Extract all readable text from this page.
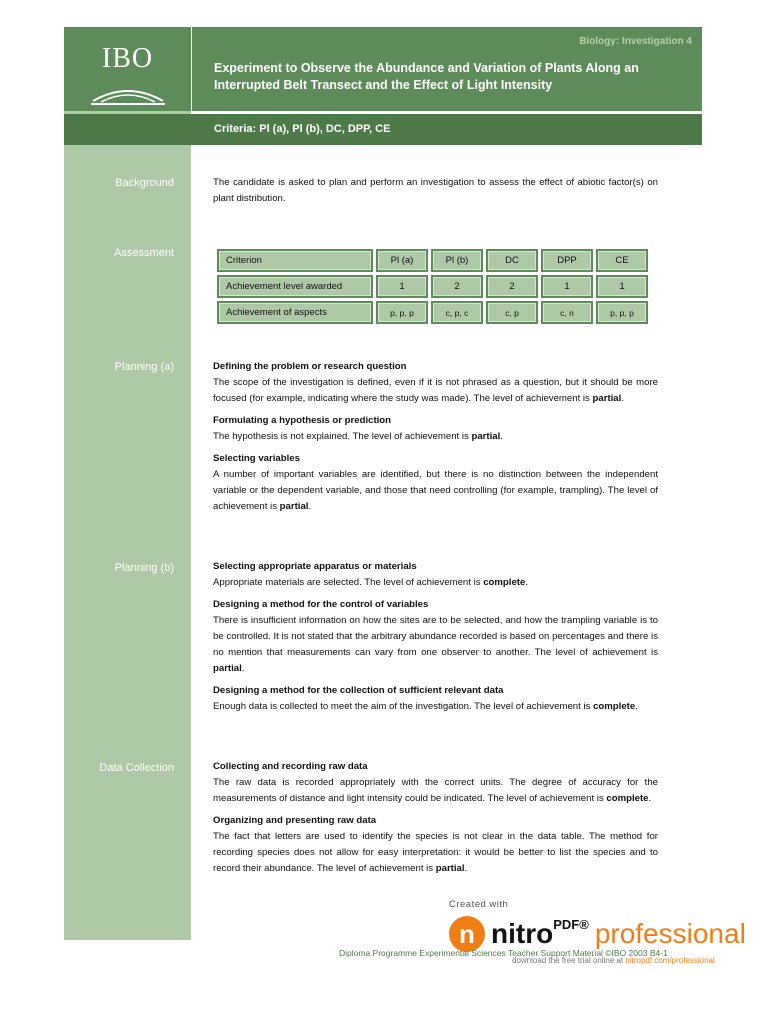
IBO
Biology: Investigation 4
Experiment to Observe the Abundance and Variation of Plants Along an Interrupted Belt Transect and the Effect of Light Intensity
Criteria: Pl (a), Pl (b), DC, DPP, CE
Background	The candidate is asked to plan and perform an investigation to assess the effect of abiotic factor(s) on plant distribution.
Assessment
Criterion	Pl (a)	Pl (b)	DC	DPP	CE

Achievement level awarded	1	2	2	1	1

Achievement of aspects	p, p, p	c, p, c	c, p	c, n	p, p, p
Planning (a)	Defining the problem or research question
The scope of the investigation is defined, even if it is not phrased as a question, but it should be more focused (for example, indicating where the study was made). The level of achievement is partial.
Formulating a hypothesis or prediction
The hypothesis is not explained. The level of achievement is partial.
Selecting variables
A number of important variables are identified, but there is no distinction between the independent variable or the dependent variable, and those that need controlling (for example, trampling). The level of achievement is partial.
Planning (b)	Selecting appropriate apparatus or materials
Appropriate materials are selected. The level of achievement is complete.
Designing a method for the control of variables
There is insufficient information on how the sites are to be selected, and how the trampling variable is to be controlled. It is not stated that the arbitrary abundance recorded is based on percentages and there is no mention that measurements can vary from one observer to another. The level of achievement is partial.
Designing a method for the collection of sufficient relevant data
Enough data is collected to meet the aim of the investigation. The level of achievement is complete.
Data Collection	Collecting and recording raw data
The raw data is recorded appropriately with the correct units. The degree of accuracy for the measurements of distance and light intensity could be indicated. The level of achievement is complete.
Organizing and presenting raw data
The fact that letters are used to identify the species is not clear in the data table. The method for recording species does not allow for easy interpretation: it would be better to list the species and to record their abundance. The level of achievement is partial.
Created with
n nitro PDF® professional
Diploma Programme Experimental Sciences Teacher Support Material ©IBO 2003 B4-1
download the free trial online at nitropdf.com/professional
